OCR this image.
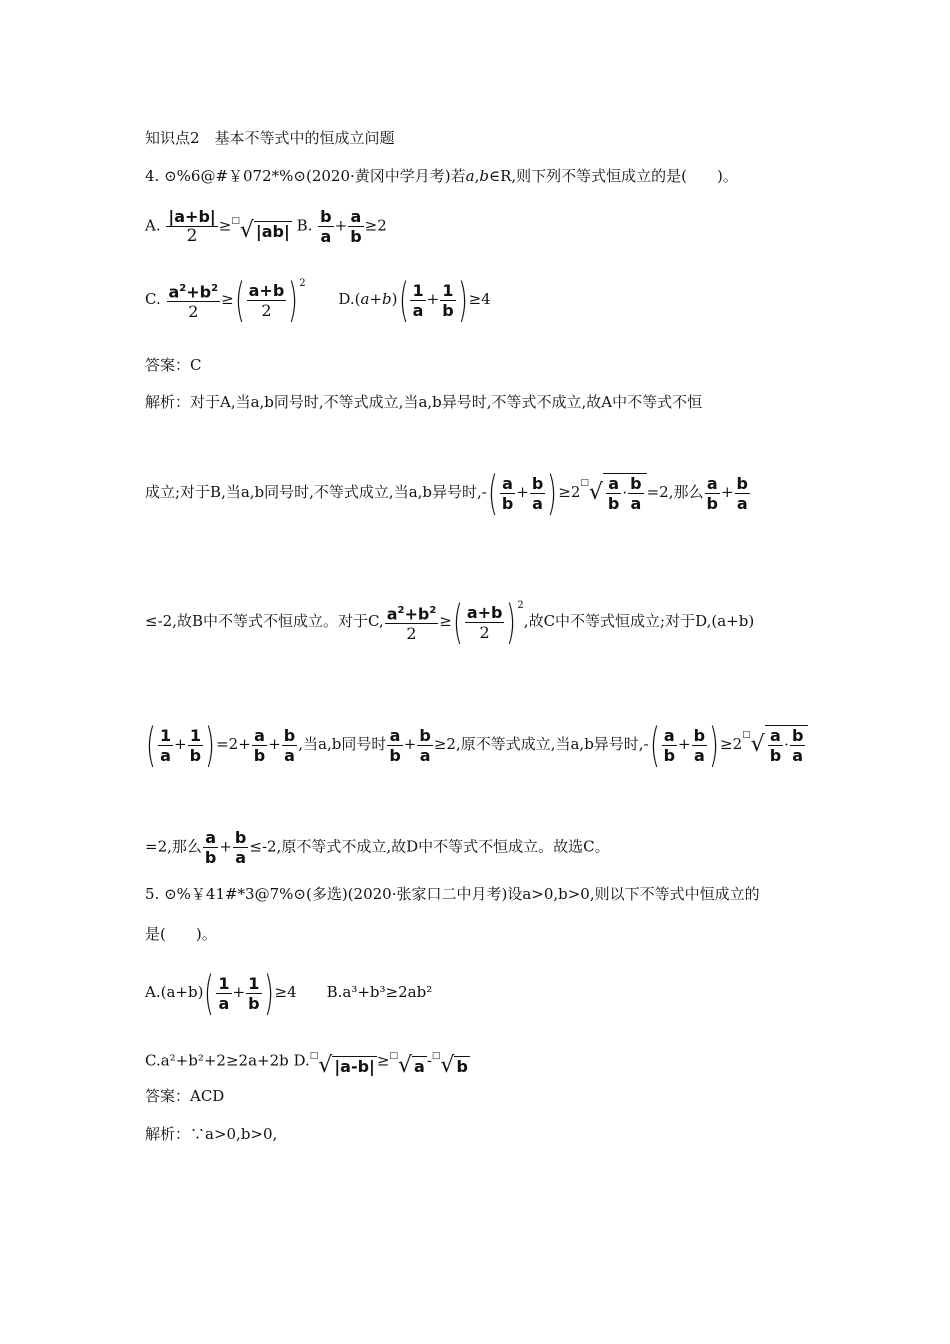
知识点2　基本不等式中的恒成立问题
4. ⊙%6@#￥072*%⊙(2020·黄冈中学月考)若a,b∈R,则下列不等式恒成立的是(　　)。
A. $\frac{|a+b|}{2} \ge^□√$ |ab| B. $\frac{b}{a} + \frac{a}{b} \ge 2$
C. $\frac{a^2+b^2}{2}$ ≥( $\frac{a+b}{2} )^2$ $D.(a+b)( \frac{1}{a} + \frac{1}{b} )\ge 4$
答案：C
解析：对于A,当a,b同号时,不等式成立,当a,b异号时,不等式不成立,故A中不等式不恒
成立;对于B,当a,b同号时,不等式成立,当a,b异号时,-( $\frac{a}{b} + \frac{b}{a} )\ge 2^□√ \frac{a}{b} \cdot \frac{b}{a} =2$,那么 $\frac{a}{b} + \frac{b}{a}$
≤-2,故B中不等式不恒成立。对于C, $\frac{a^2+b^2}{2}$ ≥( $\frac{a+b}{2} )^2$,故C中不等式恒成立;对于D,(a+b)
( $\frac{1}{a} + \frac{1}{b} )=2+ \frac{a}{b} + \frac{b}{a}$ ,当a,b同号时 $\frac{a}{b} + \frac{b}{a} \ge 2$,原不等式成立,当a,b异号时,-( $\frac{a}{b} + \frac{b}{a} )\ge 2^□√ \frac{a}{b} \cdot \frac{b}{a}$
=2,那么 $\frac{a}{b} + \frac{b}{a} \le-2$,原不等式不成立,故D中不等式不恒成立。故选C。
5. ⊙%￥41#*3@7%⊙(多选)(2020·张家口二中月考)设a>0,b>0,则以下不等式中恒成立的
是(　　)。
$A.(a+b)( \frac{1}{a} + \frac{1}{b} )\ge 4$　　B.a³+b³≥2ab²
C.a²+b²+2≥2a+2b D.□√ |a-b| ≥□√ a -□√ b
答案：ACD
解析：∵a>0,b>0,
